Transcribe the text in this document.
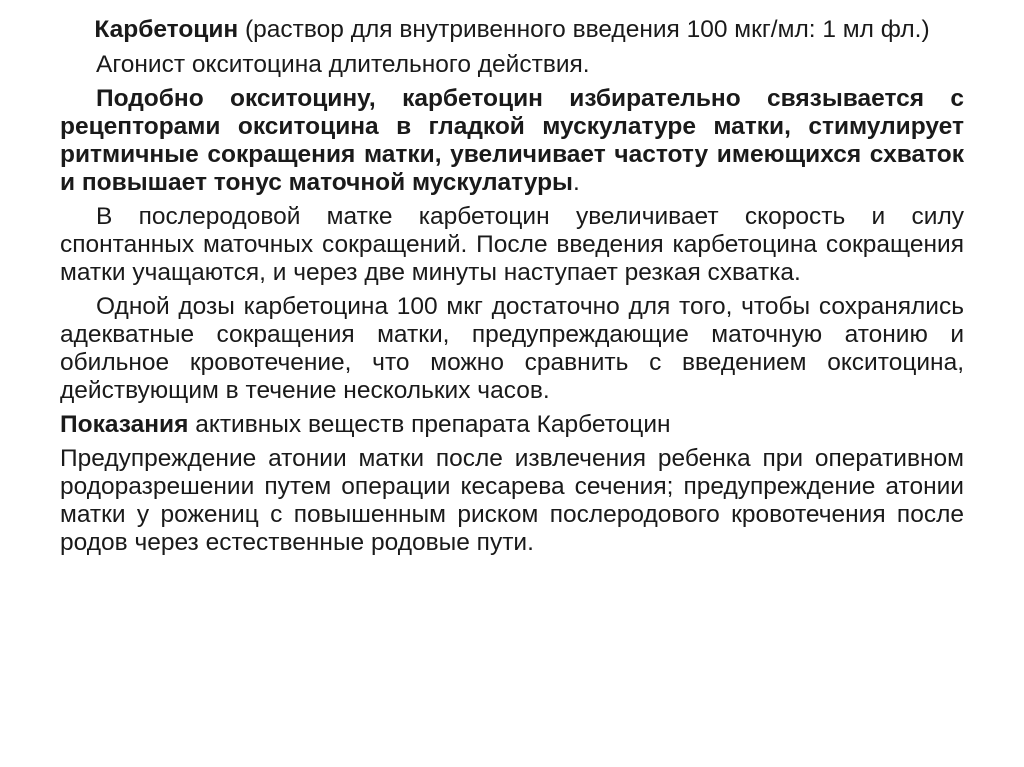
Карбетоцин (раствор для внутривенного введения 100 мкг/мл: 1 мл фл.)

Агонист окситоцина длительного действия.

Подобно окситоцину, карбетоцин избирательно связывается с рецепторами окситоцина в гладкой мускулатуре матки, стимулирует ритмичные сокращения матки, увеличивает частоту имеющихся схваток и повышает тонус маточной мускулатуры.

В послеродовой матке карбетоцин увеличивает скорость и силу спонтанных маточных сокращений. После введения карбетоцина сокращения матки учащаются, и через две минуты наступает резкая схватка.

Одной дозы карбетоцина 100 мкг достаточно для того, чтобы сохранялись адекватные сокращения матки, предупреждающие маточную атонию и обильное кровотечение, что можно сравнить с введением окситоцина, действующим в течение нескольких часов.

Показания активных веществ препарата Карбетоцин

Предупреждение атонии матки после извлечения ребенка при оперативном родоразрешении путем операции кесарева сечения; предупреждение атонии матки у рожениц с повышенным риском послеродового кровотечения после родов через естественные родовые пути.
